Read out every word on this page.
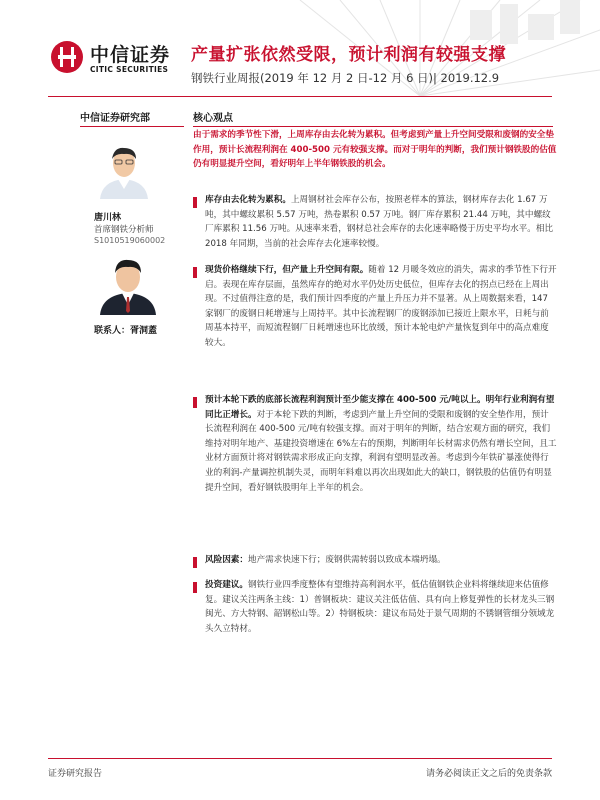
中信证券
CITIC SECURITIES
产量扩张依然受限，预计利润有较强支撑
钢铁行业周报(2019 年 12 月 2 日-12 月 6 日)| 2019.12.9
中信证券研究部
唐川林
首席钢铁分析师
S1010519060002
联系人：胥洞蓋
核心观点
由于需求的季节性下滑，上周库存由去化转为累积。但考虑到产量上升空间受限和废钢的安全垫作用，预计长流程利润在 400-500 元有较强支撑。而对于明年的判断，我们预计钢铁股的估值仍有明显提升空间，看好明年上半年钢铁股的机会。
库存由去化转为累积。上周钢材社会库存公布，按照老样本的算法，钢材库存去化 1.67 万吨，其中螺纹累积 5.57 万吨，热卷累积 0.57 万吨。钢厂库存累积 21.44 万吨，其中螺纹厂库累积 11.56 万吨。从速率来看，钢材总社会库存的去化速率略慢于历史平均水平。相比 2018 年同期，当前的社会库存去化速率较慢。
现货价格继续下行，但产量上升空间有限。随着 12 月暖冬效应的消失，需求的季节性下行开启。表现在库存层面，虽然库存的绝对水平仍处历史低位，但库存去化的拐点已经在上周出现。不过值得注意的是，我们预计四季度的产量上升压力并不显著。从上周数据来看，147 家钢厂的废钢日耗增速与上周持平。其中长流程钢厂的废钢添加已接近上限水平，日耗与前周基本持平，而短流程钢厂日耗增速也环比放缓，预计本轮电炉产量恢复到年中的高点难度较大。
预计本轮下跌的底部长流程利润预计至少能支撑在 400-500 元/吨以上。明年行业利润有望同比正增长。对于本轮下跌的判断，考虑到产量上升空间的受限和废钢的安全垫作用，预计长流程利润在 400-500 元/吨有较强支撑。而对于明年的判断，结合宏观方面的研究，我们维持对明年地产、基建投资增速在 6%左右的预期，判断明年长材需求仍然有增长空间，且工业材方面预计将对钢铁需求形成正向支撑，利润有望明显改善。考虑到今年铁矿暴涨使得行业的利润-产量调控机制失灵，而明年料难以再次出现如此大的缺口，钢铁股的估值仍有明显提升空间，看好钢铁股明年上半年的机会。
风险因素：地产需求快速下行；废钢供需转弱以致成本端坍塌。
投资建议。钢铁行业四季度整体有望维持高利润水平，低估值钢铁企业料将继续迎来估值修复。建议关注两条主线：1）普钢板块：建议关注低估值、具有向上修复弹性的长材龙头三钢闽光、方大特钢、韶钢松山等。2）特钢板块：建议布局处于景气周期的不锈钢管细分领域龙头久立特材。
证券研究报告	请务必阅读正文之后的免责条款
